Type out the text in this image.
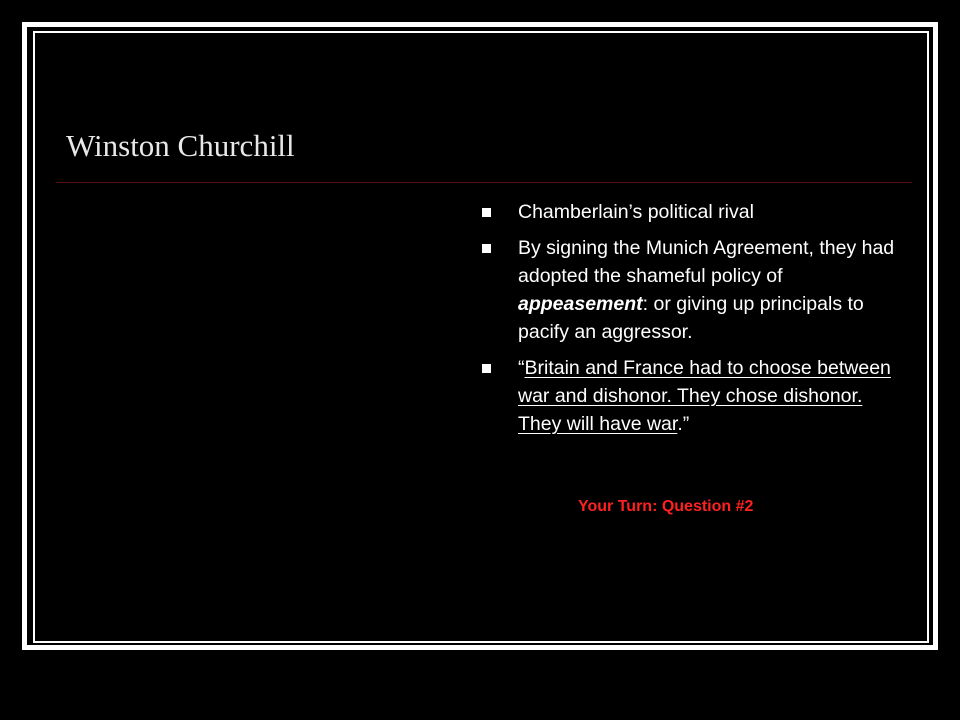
Winston Churchill
Chamberlain’s political rival
By signing the Munich Agreement, they had adopted the shameful policy of appeasement: or giving up principals to pacify an aggressor.
“Britain and France had to choose between war and dishonor. They chose dishonor. They will have war.”
Your Turn: Question #2
